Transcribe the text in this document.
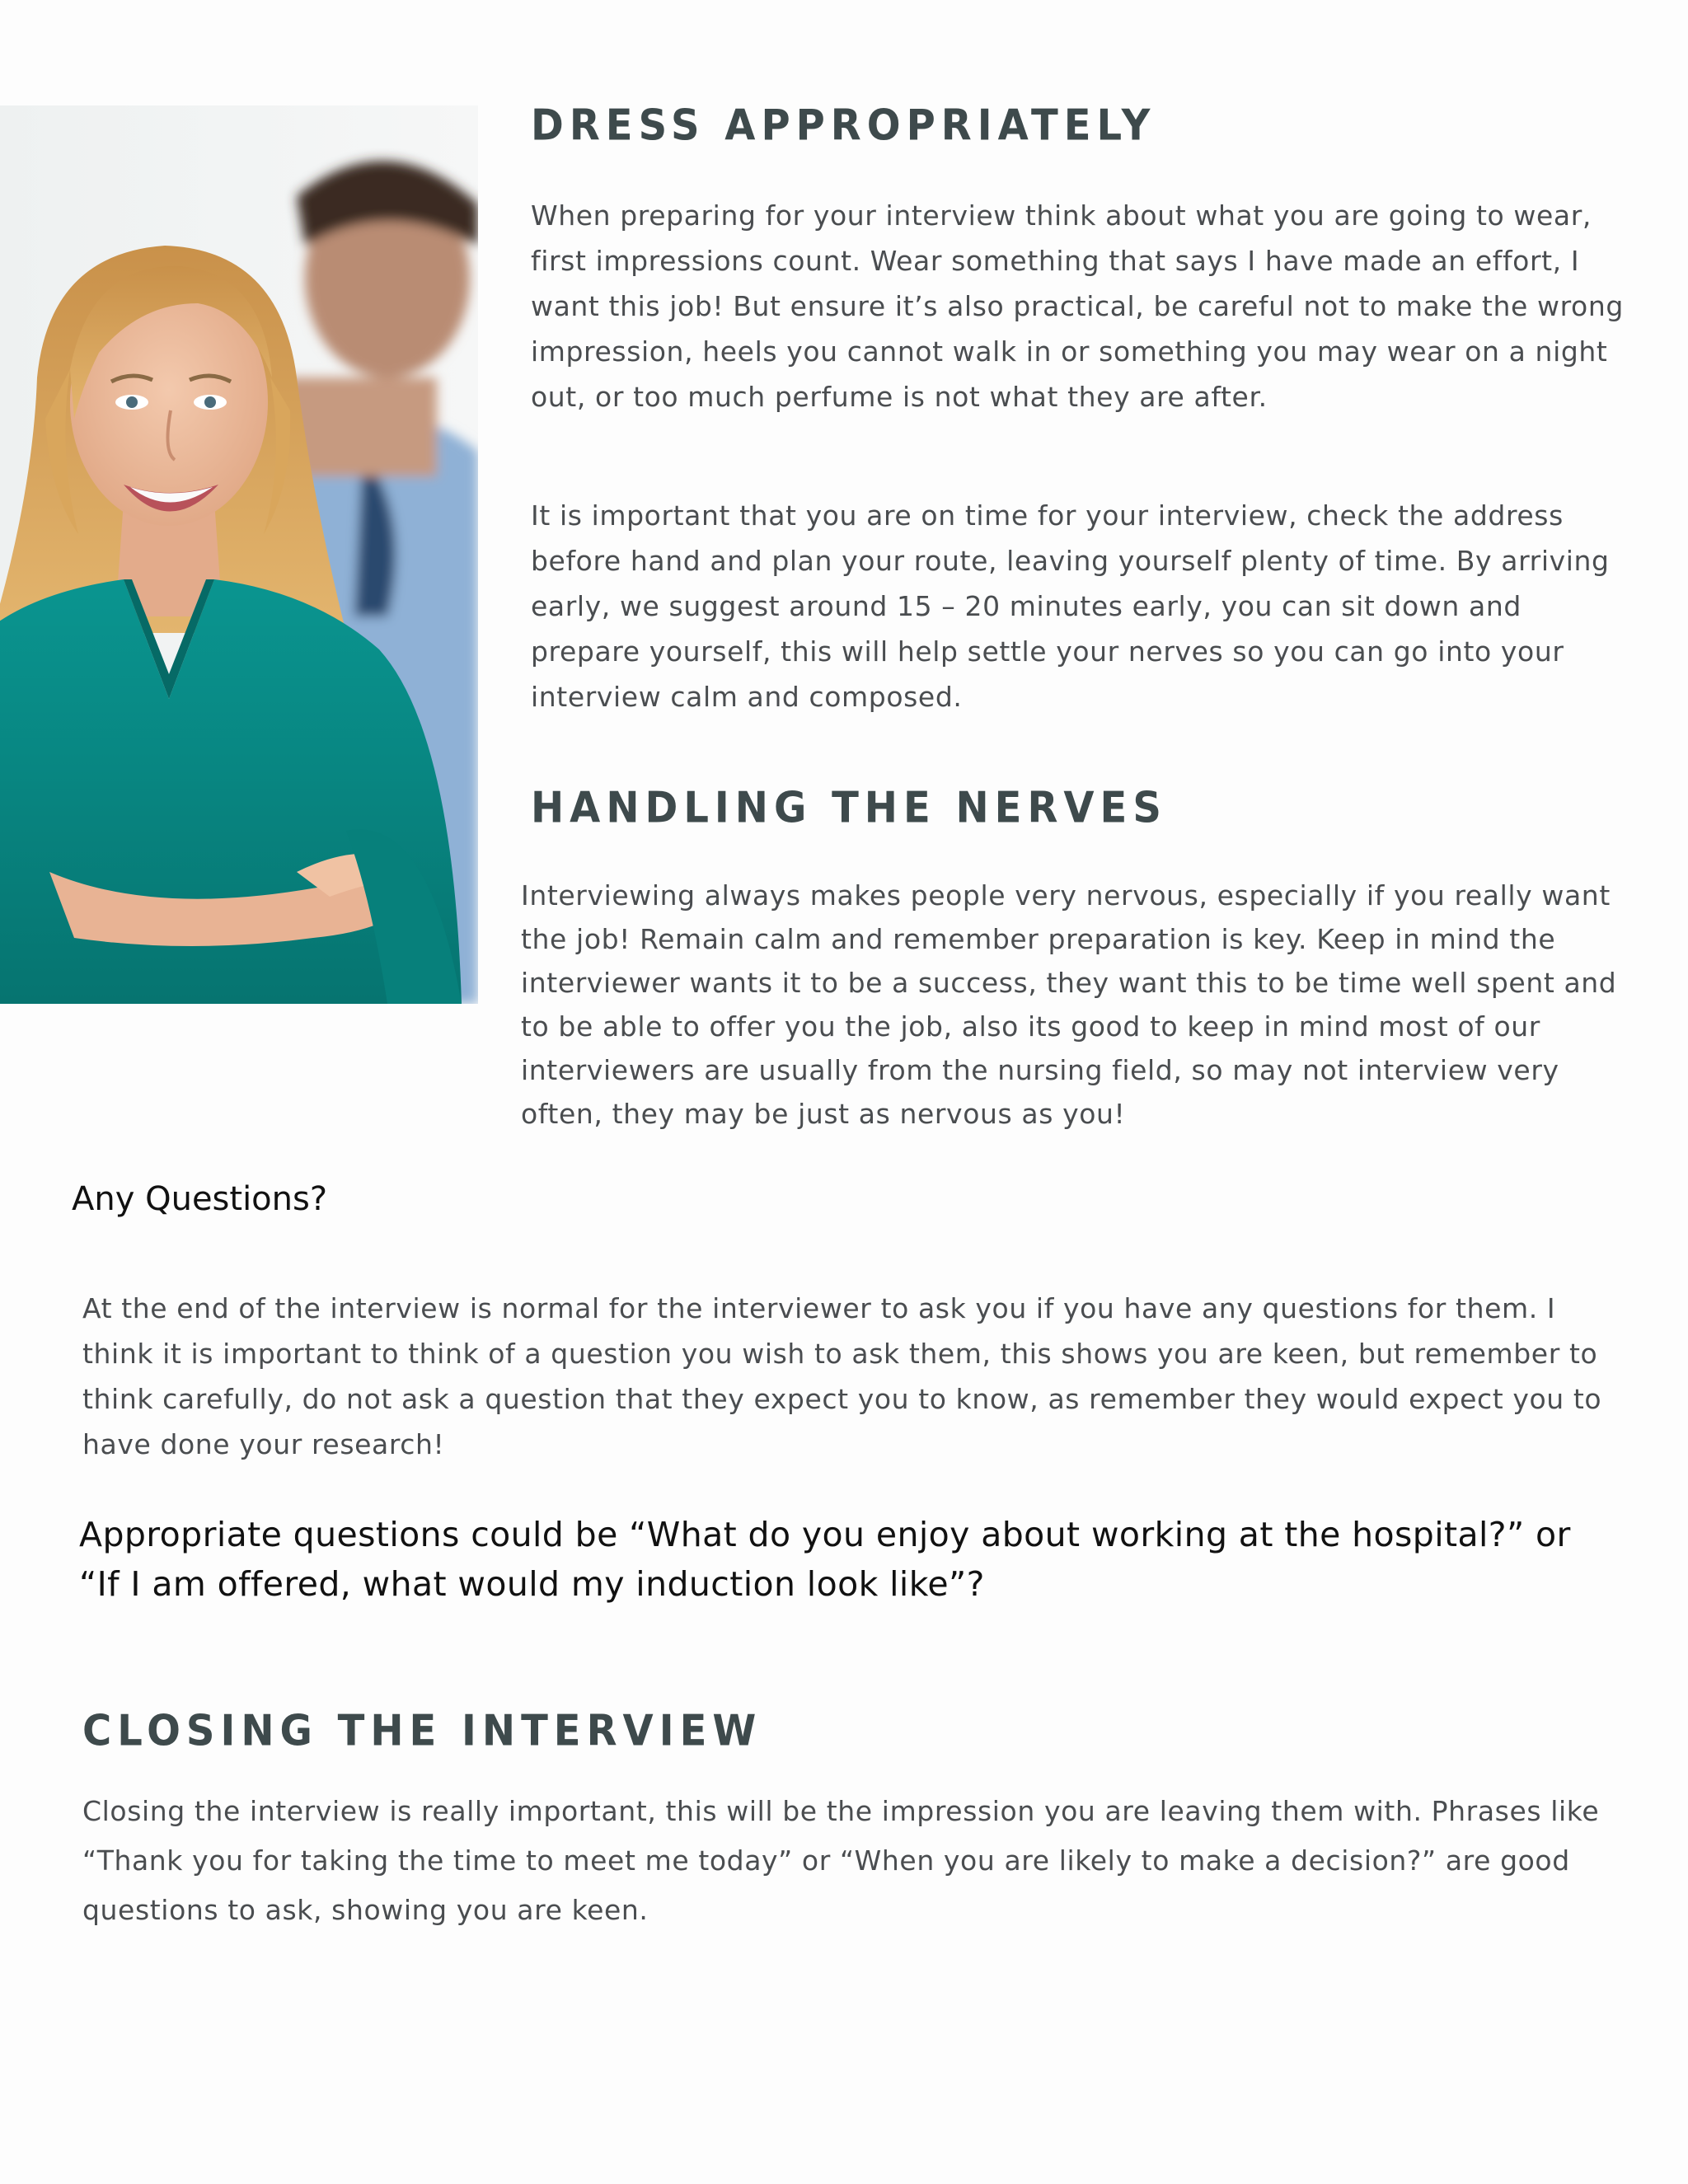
DRESS APPROPRIATELY

When preparing for your interview think about what you are going to wear, first impressions count. Wear something that says I have made an effort, I want this job! But ensure it’s also practical, be careful not to make the wrong impression, heels you cannot walk in or something you may wear on a night out, or too much perfume is not what they are after.

It is important that you are on time for your interview, check the address before hand and plan your route, leaving yourself plenty of time. By arriving early, we suggest around 15 – 20 minutes early, you can sit down and prepare yourself, this will help settle your nerves so you can go into your interview calm and composed.

HANDLING THE NERVES

Interviewing always makes people very nervous, especially if you really want the job! Remain calm and remember preparation is key. Keep in mind the interviewer wants it to be a success, they want this to be time well spent and to be able to offer you the job, also its good to keep in mind most of our interviewers are usually from the nursing field, so may not interview very often, they may be just as nervous as you!

Any Questions?

At the end of the interview is normal for the interviewer to ask you if you have any questions for them. I think it is important to think of a question you wish to ask them, this shows you are keen, but remember to think carefully, do not ask a question that they expect you to know, as remember they would expect you to have done your research!

Appropriate questions could be “What do you enjoy about working at the hospital?” or “If I am offered, what would my induction look like”?

CLOSING THE INTERVIEW

Closing the interview is really important, this will be the impression you are leaving them with. Phrases like “Thank you for taking the time to meet me today” or “When you are likely to make a decision?” are good questions to ask, showing you are keen.
